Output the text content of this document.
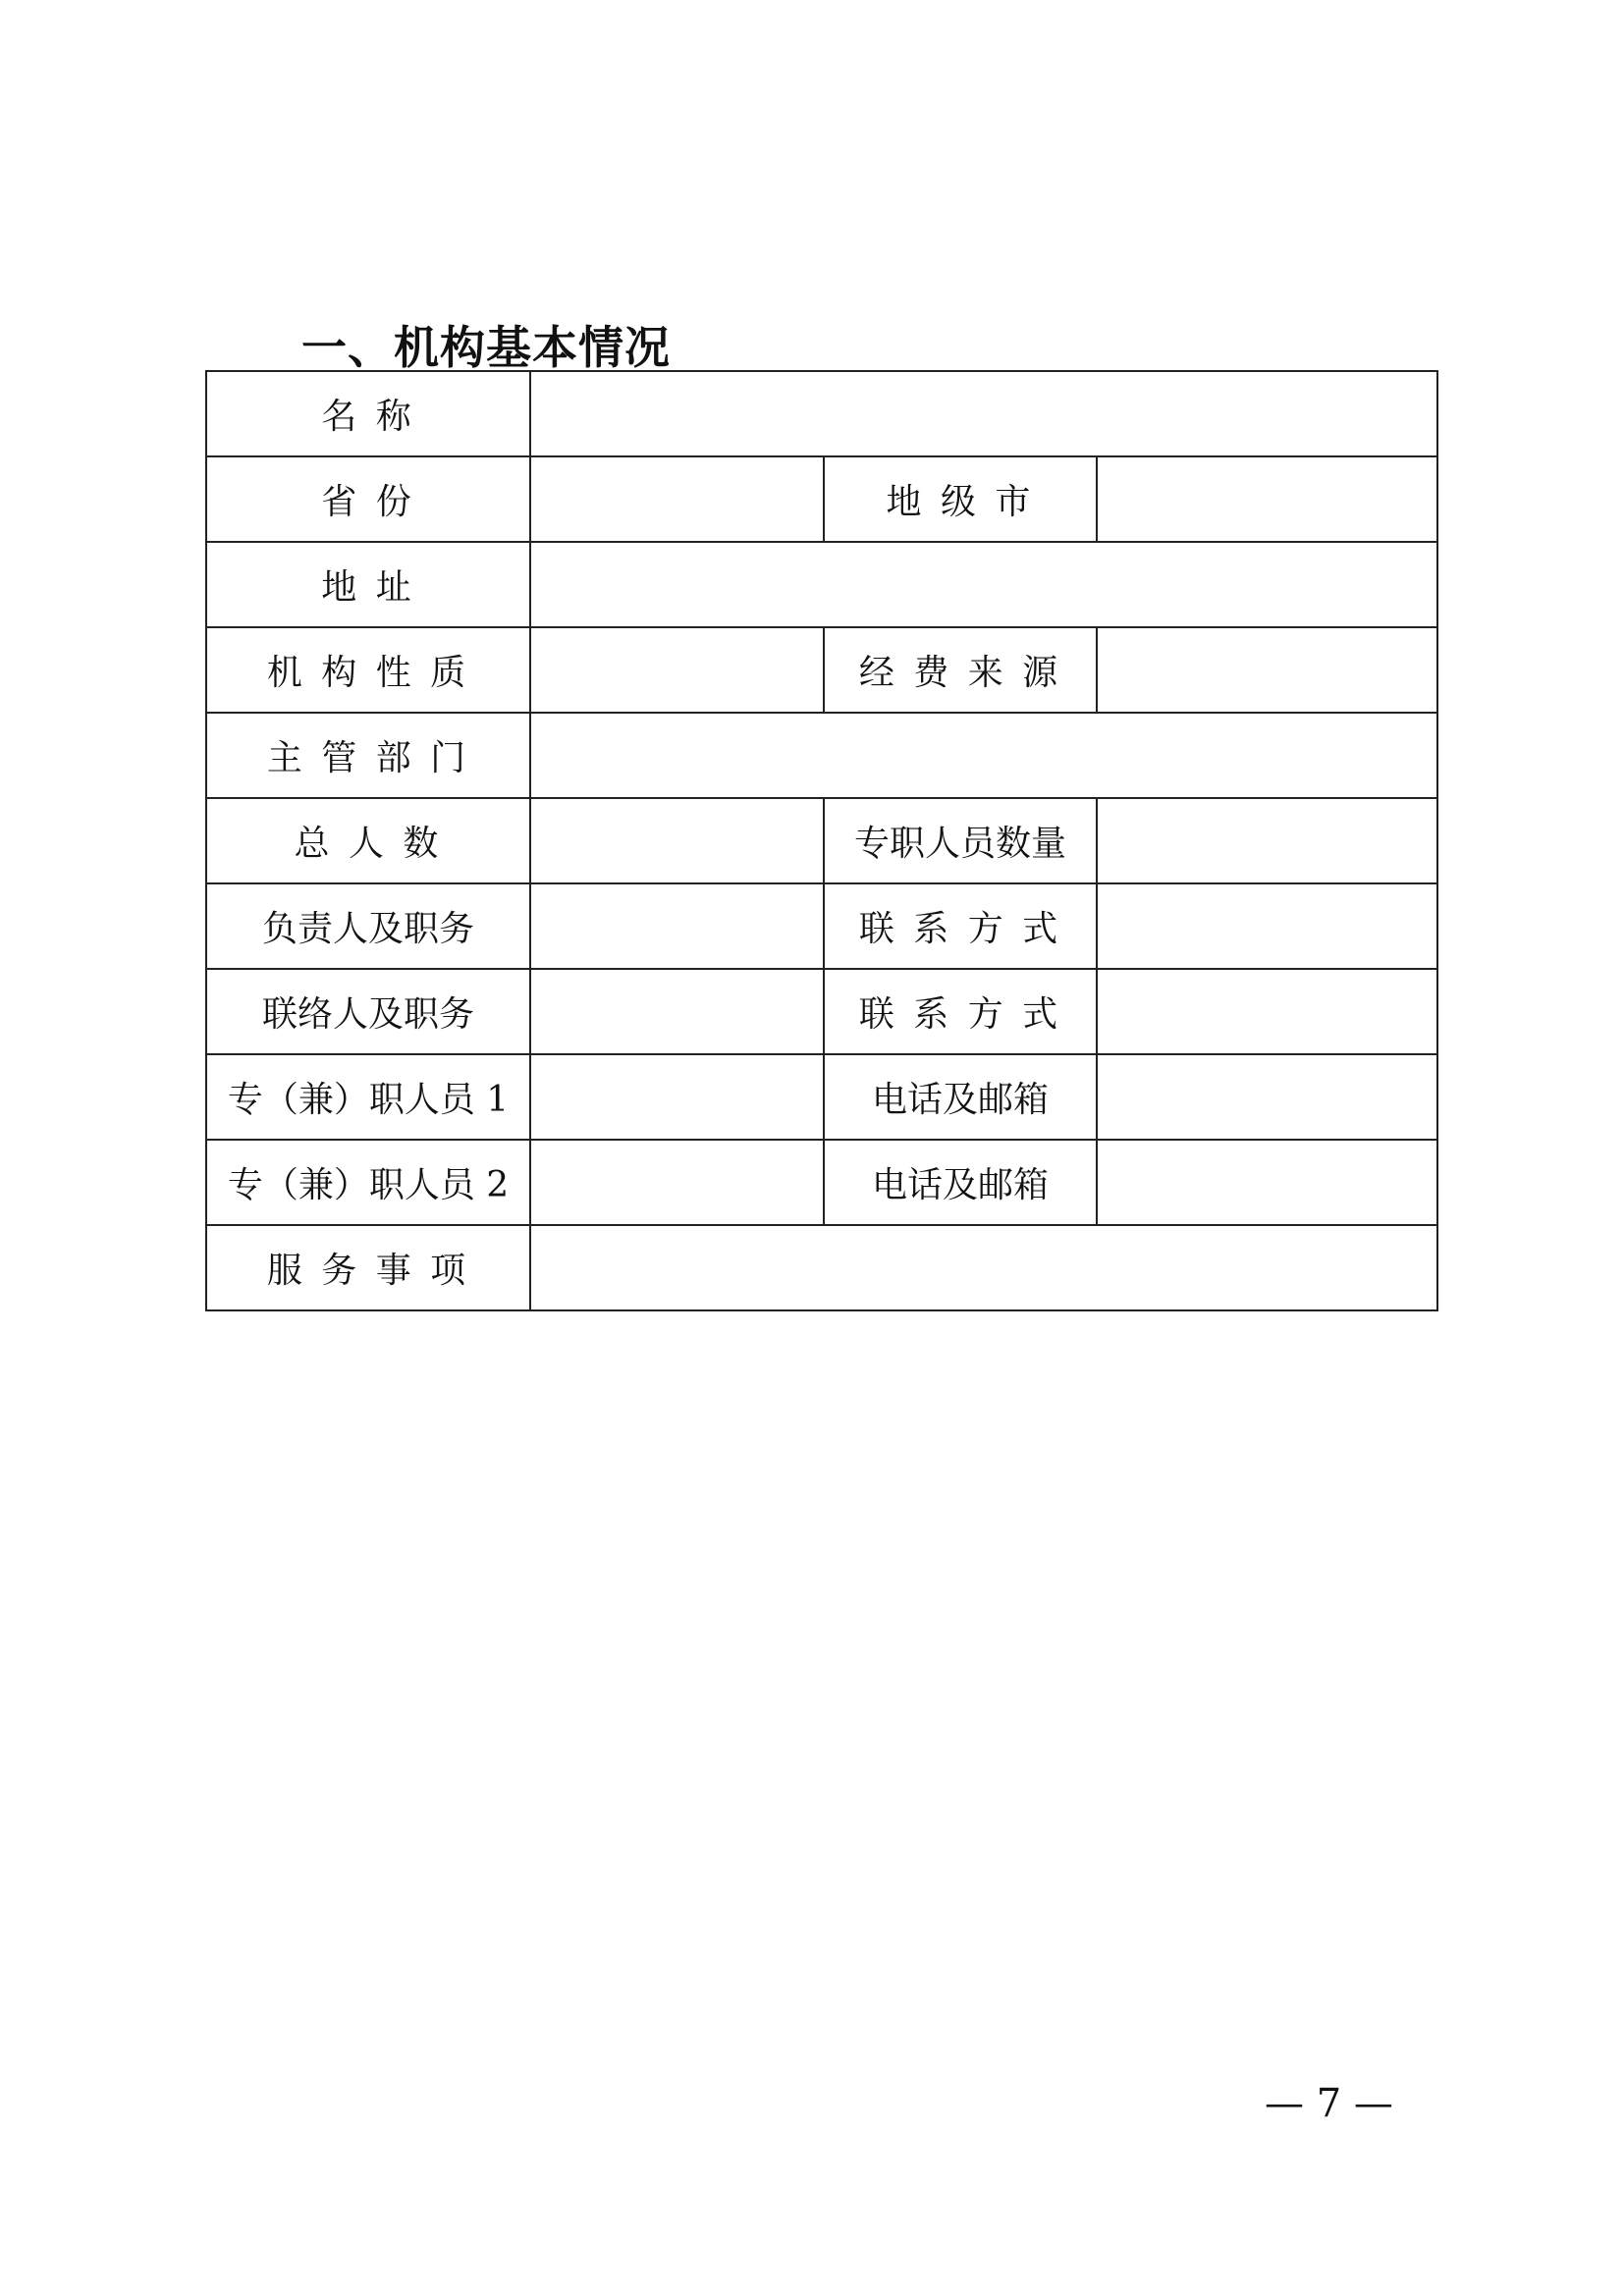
一、机构基本情况
名 称			
省 份		地 级 市	
地 址			
机 构 性 质		经 费 来 源	
主 管 部 门			
总 人 数		专职人员数量	
负责人及职务		联 系 方 式	
联络人及职务		联 系 方 式	
专（兼）职人员 1		电话及邮箱	
专（兼）职人员 2		电话及邮箱	
服 务 事 项			
— 7 —
